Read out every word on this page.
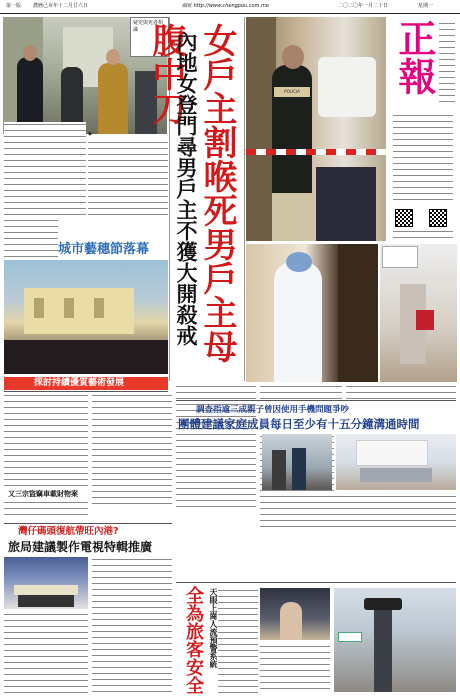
第一版 農曆己亥年十二月廿六日	網址 http://www.chengpou.com.mo	二〇二〇年一月二十日	星期一
疑兇與死者相識	女戶主割喉死男戶主母腹中刀
內地女登門尋男戶主不獲大開殺戒	POLICIA 正報
◆
城市藝穗節落幕
探討持續優質藝術發展
又三宗盜竊車載財物案
調查指逾三成親子曾因使用手機問題爭吵
團體建議家庭成員每日至少有十五分鐘溝通時間
灣仔碼頭復航帶旺內港?
旅局建議製作電視特輯推廣
全為旅客安全 天眼上崗人流預警系統
